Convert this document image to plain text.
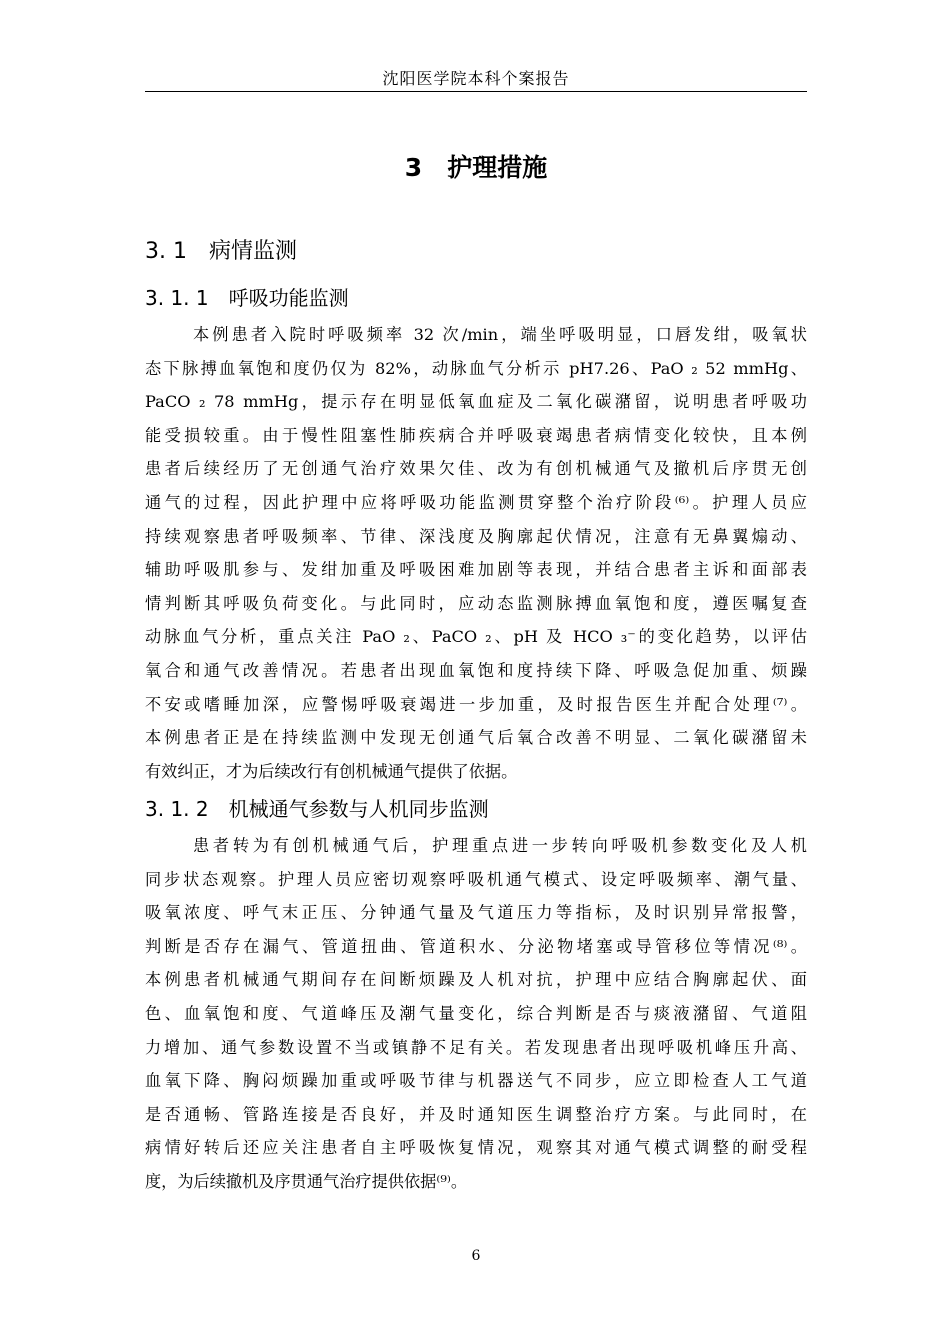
沈阳医学院本科个案报告
3　护理措施
3. 1　病情监测
3. 1. 1　呼吸功能监测
本例患者入院时呼吸频率 32 次/min，端坐呼吸明显，口唇发绀，吸氧状
态下脉搏血氧饱和度仍仅为 82%，动脉血气分析示 pH7.26、PaO ₂ 52 mmHg、
PaCO ₂ 78 mmHg，提示存在明显低氧血症及二氧化碳潴留，说明患者呼吸功
能受损较重。由于慢性阻塞性肺疾病合并呼吸衰竭患者病情变化较快，且本例
患者后续经历了无创通气治疗效果欠佳、改为有创机械通气及撤机后序贯无创
通气的过程，因此护理中应将呼吸功能监测贯穿整个治疗阶段⁽⁶⁾。护理人员应
持续观察患者呼吸频率、节律、深浅度及胸廓起伏情况，注意有无鼻翼煽动、
辅助呼吸肌参与、发绀加重及呼吸困难加剧等表现，并结合患者主诉和面部表
情判断其呼吸负荷变化。与此同时，应动态监测脉搏血氧饱和度，遵医嘱复查
动脉血气分析，重点关注 PaO ₂、PaCO ₂、pH 及 HCO ₃⁻的变化趋势，以评估
氧合和通气改善情况。若患者出现血氧饱和度持续下降、呼吸急促加重、烦躁
不安或嗜睡加深，应警惕呼吸衰竭进一步加重，及时报告医生并配合处理⁽⁷⁾。
本例患者正是在持续监测中发现无创通气后氧合改善不明显、二氧化碳潴留未
有效纠正，才为后续改行有创机械通气提供了依据。
3. 1. 2　机械通气参数与人机同步监测
患者转为有创机械通气后，护理重点进一步转向呼吸机参数变化及人机
同步状态观察。护理人员应密切观察呼吸机通气模式、设定呼吸频率、潮气量、
吸氧浓度、呼气末正压、分钟通气量及气道压力等指标，及时识别异常报警，
判断是否存在漏气、管道扭曲、管道积水、分泌物堵塞或导管移位等情况⁽⁸⁾。
本例患者机械通气期间存在间断烦躁及人机对抗，护理中应结合胸廓起伏、面
色、血氧饱和度、气道峰压及潮气量变化，综合判断是否与痰液潴留、气道阻
力增加、通气参数设置不当或镇静不足有关。若发现患者出现呼吸机峰压升高、
血氧下降、胸闷烦躁加重或呼吸节律与机器送气不同步，应立即检查人工气道
是否通畅、管路连接是否良好，并及时通知医生调整治疗方案。与此同时，在
病情好转后还应关注患者自主呼吸恢复情况，观察其对通气模式调整的耐受程
度，为后续撤机及序贯通气治疗提供依据⁽⁹⁾。
6
